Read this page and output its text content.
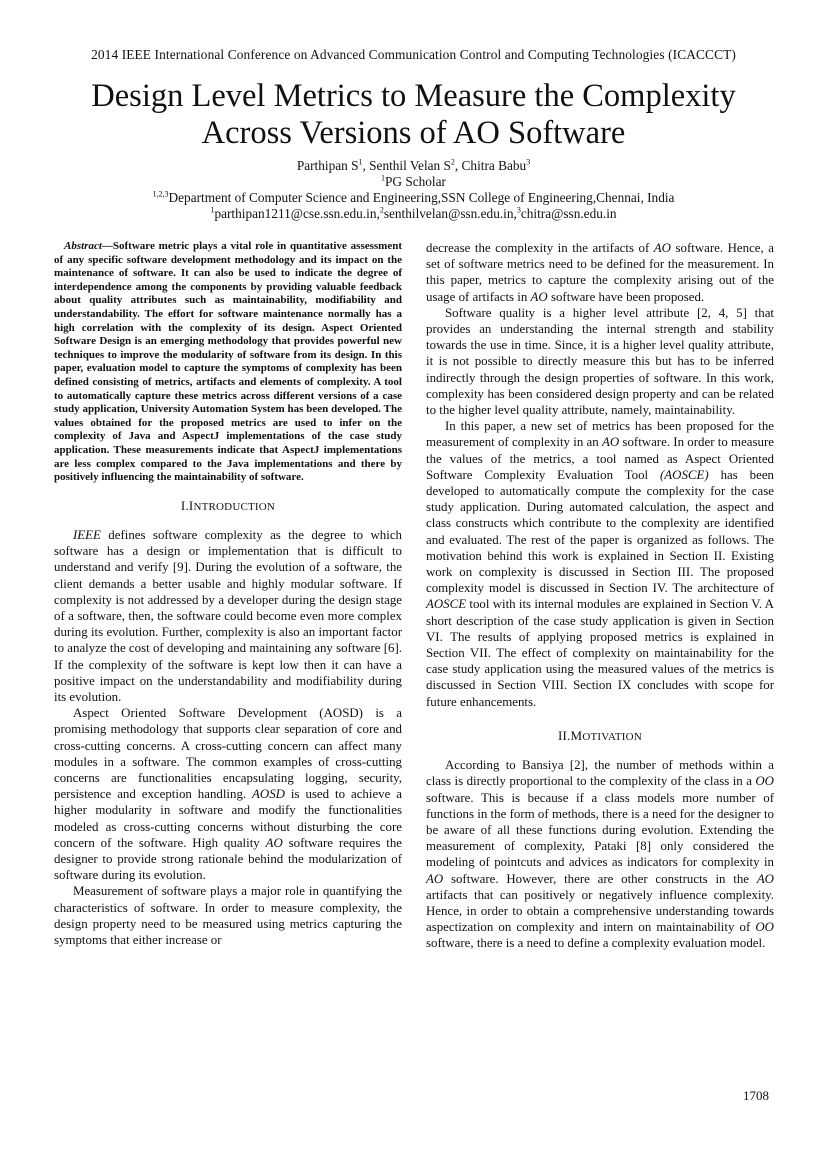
2014 IEEE International Conference on Advanced Communication Control and Computing Technologies (ICACCCT)
Design Level Metrics to Measure the Complexity
Across Versions of AO Software
Parthipan $S^1$, Senthil Velan $S^2$, Chitra Babu$^3$
$^1$PG Scholar
$^{1,2,3}$Department of Computer Science and Engineering,SSN College of Engineering,Chennai, India
$^1$parthipan1211@cse.ssn.edu.in,$^2$senthilvelan@ssn.edu.in,$^3$chitra@ssn.edu.in

Abstract—Software metric plays a vital role in quantitative assessment of any specific software development methodology and its impact on the maintenance of software. It can also be used to indicate the degree of interdependence among the components by providing valuable feedback about quality attributes such as maintainability, modifiability and understandability. The effort for software maintenance normally has a high correlation with the complexity of its design. Aspect Oriented Software Design is an emerging methodology that provides powerful new techniques to improve the modularity of software from its design. In this paper, evaluation model to capture the symptoms of complexity has been defined consisting of metrics, artifacts and elements of complexity. A tool to automatically capture these metrics across different versions of a case study application, University Automation System has been developed. The values obtained for the proposed metrics are used to infer on the complexity of Java and AspectJ implementations of the case study application. These measurements indicate that AspectJ implementations are less complex compared to the Java implementations and there by positively influencing the maintainability of software.

I.INTRODUCTION

IEEE defines software complexity as the degree to which software has a design or implementation that is difficult to understand and verify [9]. During the evolution of a software, the client demands a better usable and highly modular software. If complexity is not addressed by a developer during the design stage of a software, then, the software could become even more complex during its evolution. Further, complexity is also an important factor to analyze the cost of developing and maintaining any software [6]. If the complexity of the software is kept low then it can have a positive impact on the understandability and modifiability during its evolution.

Aspect Oriented Software Development (AOSD) is a promising methodology that supports clear separation of core and cross-cutting concerns. A cross-cutting concern can affect many modules in a software. The common examples of cross-cutting concerns are functionalities encapsulating logging, security, persistence and exception handling. AOSD is used to achieve a higher modularity in software and modify the functionalities modeled as cross-cutting concerns without disturbing the core concern of the software. High quality AO software requires the designer to provide strong rationale behind the modularization of software during its evolution.

Measurement of software plays a major role in quantifying the characteristics of software. In order to measure complexity, the design property need to be measured using metrics capturing the symptoms that either increase or

decrease the complexity in the artifacts of AO software. Hence, a set of software metrics need to be defined for the measurement. In this paper, metrics to capture the complexity arising out of the usage of artifacts in AO software have been proposed.

Software quality is a higher level attribute [2, 4, 5] that provides an understanding the internal strength and stability towards the use in time. Since, it is a higher level quality attribute, it is not possible to directly measure this but has to be inferred indirectly through the design properties of software. In this work, complexity has been considered design property and can be related to the higher level quality attribute, namely, maintainability.

In this paper, a new set of metrics has been proposed for the measurement of complexity in an AO software. In order to measure the values of the metrics, a tool named as Aspect Oriented Software Complexity Evaluation Tool (AOSCE) has been developed to automatically compute the complexity for the case study application. During automated calculation, the aspect and class constructs which contribute to the complexity are identified and evaluated. The rest of the paper is organized as follows. The motivation behind this work is explained in Section II. Existing work on complexity is discussed in Section III. The proposed complexity model is discussed in Section IV. The architecture of AOSCE tool with its internal modules are explained in Section V. A short description of the case study application is given in Section VI. The results of applying proposed metrics is explained in Section VII. The effect of complexity on maintainability for the case study application using the measured values of the metrics is discussed in Section VIII. Section IX concludes with scope for future enhancements.

II.MOTIVATION

According to Bansiya [2], the number of methods within a class is directly proportional to the complexity of the class in a OO software. This is because if a class models more number of functions in the form of methods, there is a need for the designer to be aware of all these functions during evolution. Extending the measurement of complexity, Pataki [8] only considered the modeling of pointcuts and advices as indicators for complexity in AO software. However, there are other constructs in the AO artifacts that can positively or negatively influence complexity. Hence, in order to obtain a comprehensive understanding towards aspectization on complexity and intern on maintainability of OO software, there is a need to define a complexity evaluation model.

1708
